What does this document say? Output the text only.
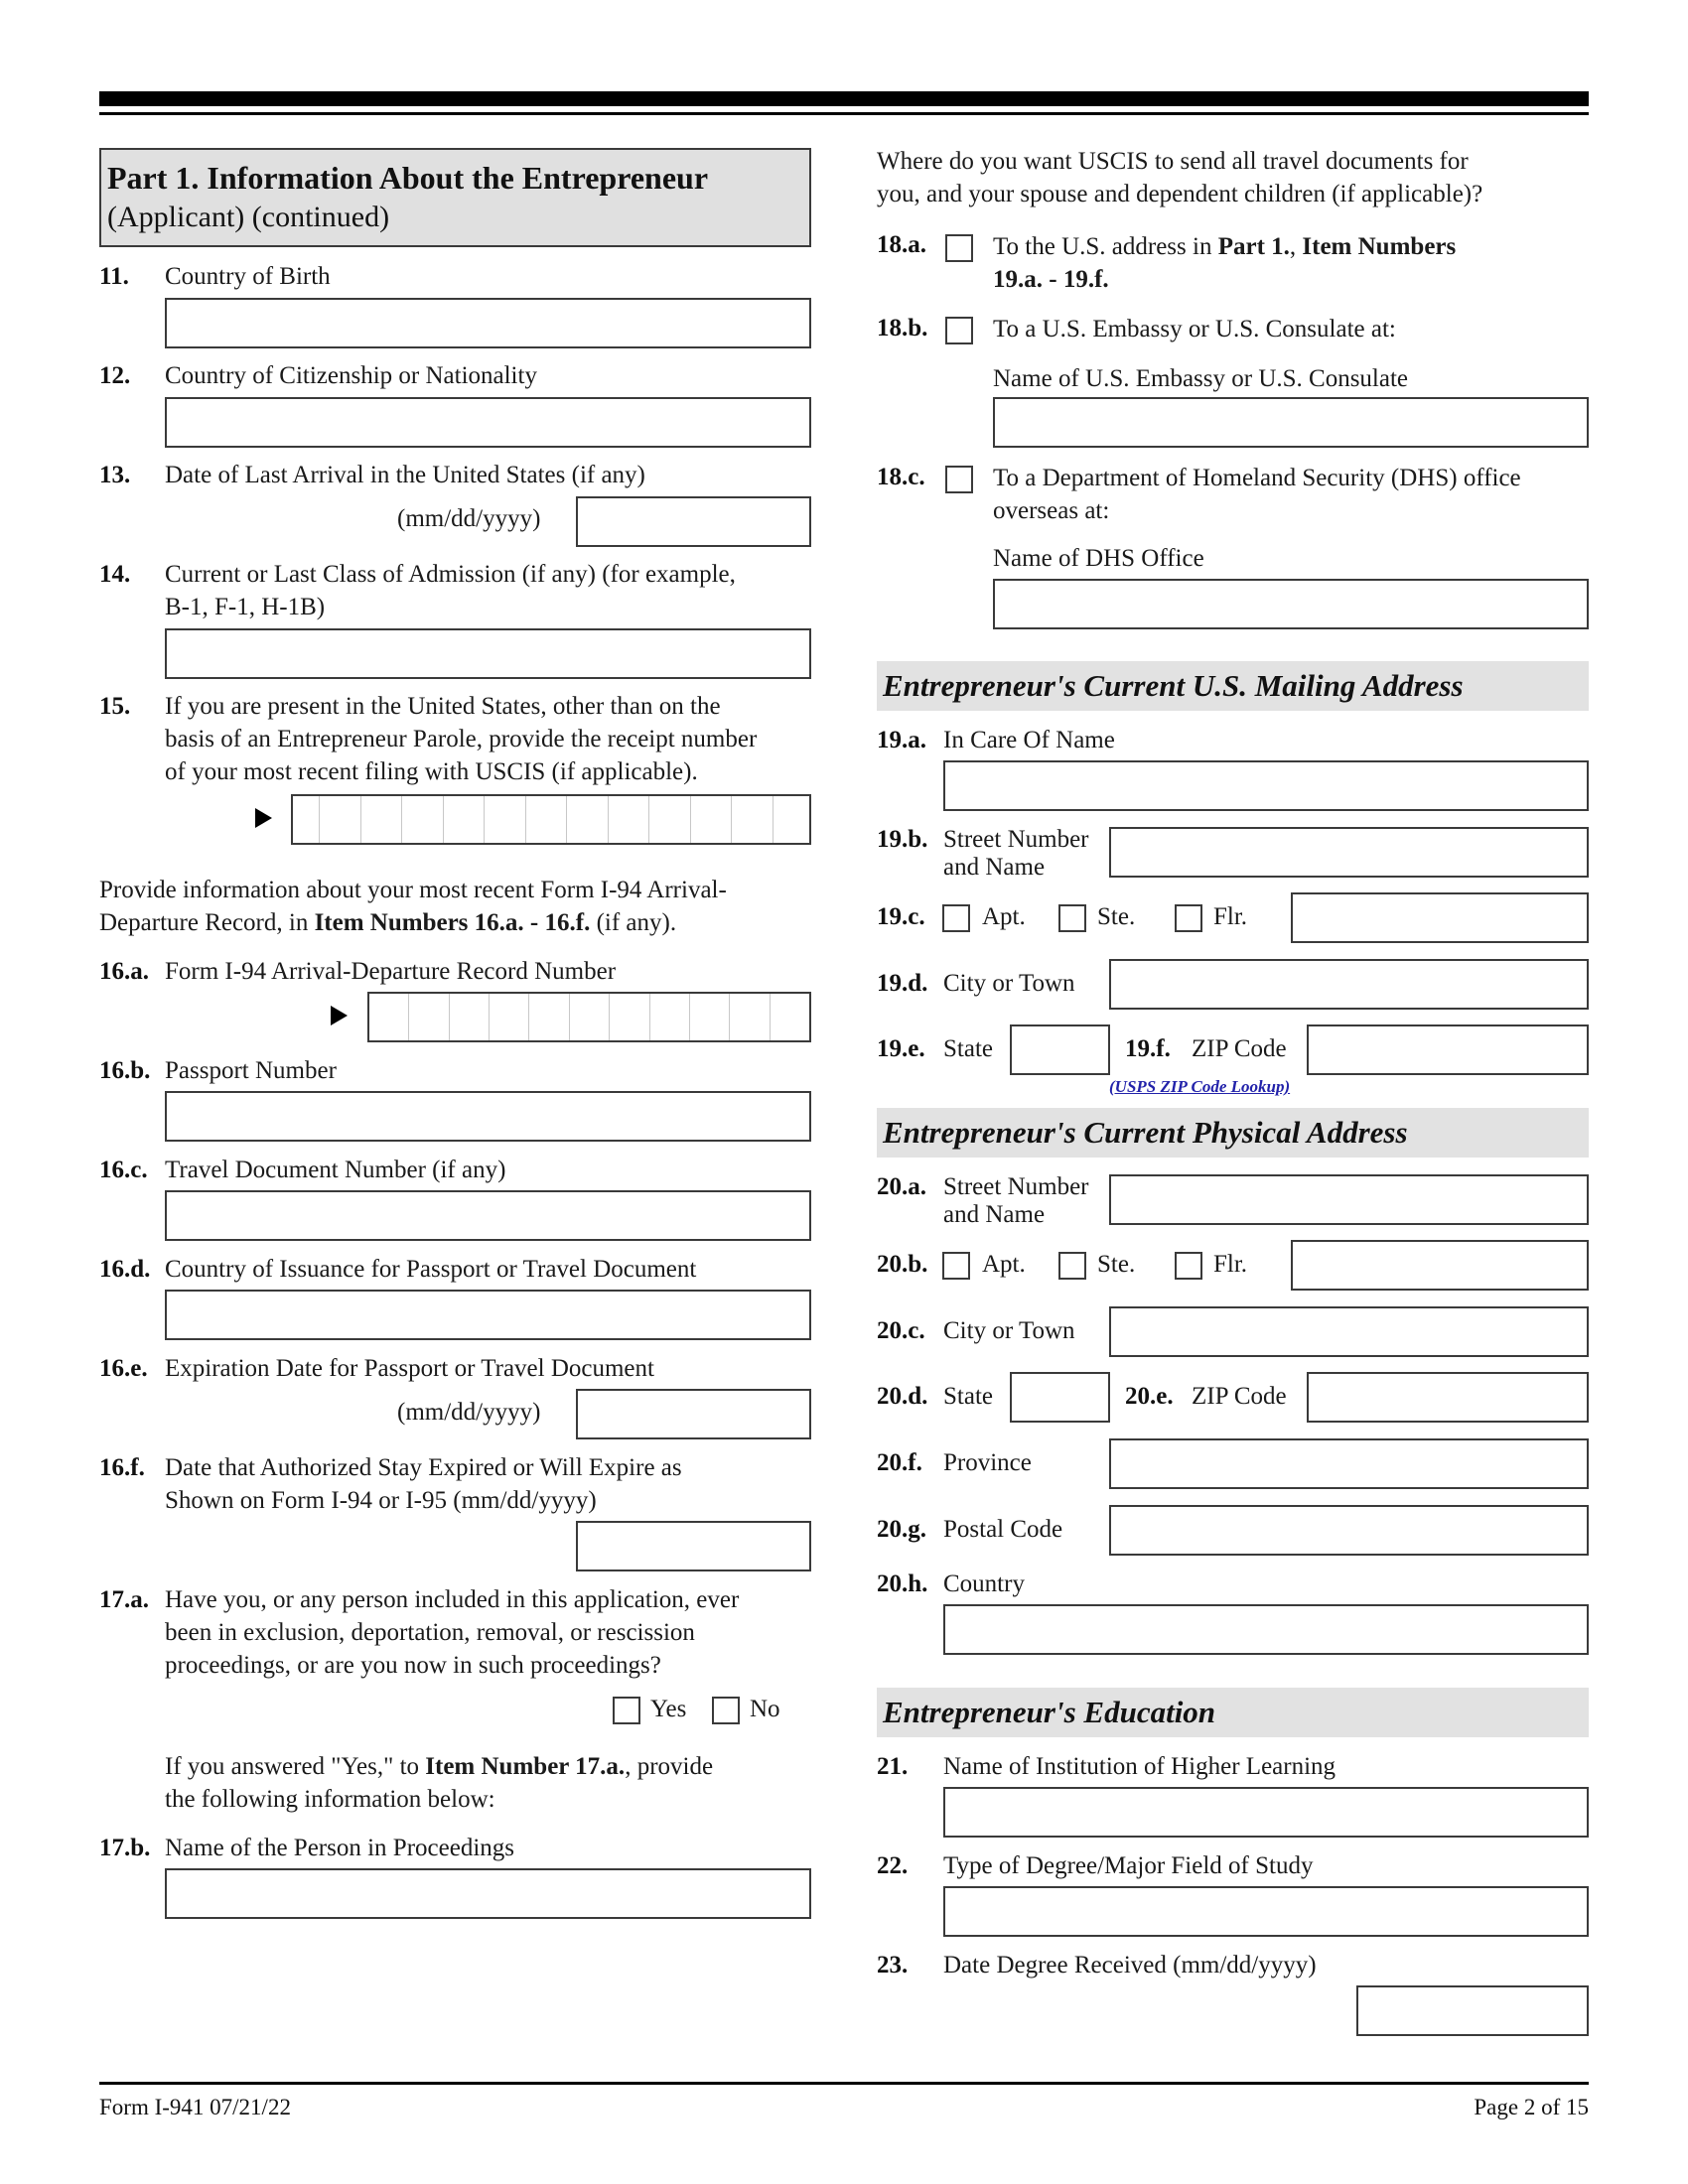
Part 1. Information About the Entrepreneur
(Applicant) (continued)
11. Country of Birth
12. Country of Citizenship or Nationality
13. Date of Last Arrival in the United States (if any)
(mm/dd/yyyy)
14. Current or Last Class of Admission (if any) (for example,
B-1, F-1, H-1B)
15. If you are present in the United States, other than on the
basis of an Entrepreneur Parole, provide the receipt number
of your most recent filing with USCIS (if applicable).
Provide information about your most recent Form I-94 Arrival-
Departure Record, in Item Numbers 16.a. - 16.f. (if any).
16.a. Form I-94 Arrival-Departure Record Number
16.b. Passport Number
16.c. Travel Document Number (if any)
16.d. Country of Issuance for Passport or Travel Document
16.e. Expiration Date for Passport or Travel Document
(mm/dd/yyyy)
16.f. Date that Authorized Stay Expired or Will Expire as
Shown on Form I-94 or I-95 (mm/dd/yyyy)
17.a. Have you, or any person included in this application, ever
been in exclusion, deportation, removal, or rescission
proceedings, or are you now in such proceedings?
Yes	No
If you answered "Yes," to Item Number 17.a., provide
the following information below:
17.b. Name of the Person in Proceedings
Where do you want USCIS to send all travel documents for
you, and your spouse and dependent children (if applicable)?
18.a.	To the U.S. address in Part 1., Item Numbers
19.a. - 19.f.
18.b.	To a U.S. Embassy or U.S. Consulate at:
Name of U.S. Embassy or U.S. Consulate
18.c.	To a Department of Homeland Security (DHS) office
overseas at:
Name of DHS Office
Entrepreneur's Current U.S. Mailing Address
19.a. In Care Of Name
19.b. Street Number
and Name
19.c. Apt.	Ste.	Flr.
19.d. City or Town
19.e. State	19.f. ZIP Code
(USPS ZIP Code Lookup)
Entrepreneur's Current Physical Address
20.a. Street Number
and Name
20.b. Apt.	Ste.	Flr.
20.c. City or Town
20.d. State	20.e. ZIP Code
20.f. Province
20.g. Postal Code
20.h. Country
Entrepreneur's Education
21. Name of Institution of Higher Learning
22. Type of Degree/Major Field of Study
23. Date Degree Received (mm/dd/yyyy)
Form I-941 07/21/22	Page 2 of 15
